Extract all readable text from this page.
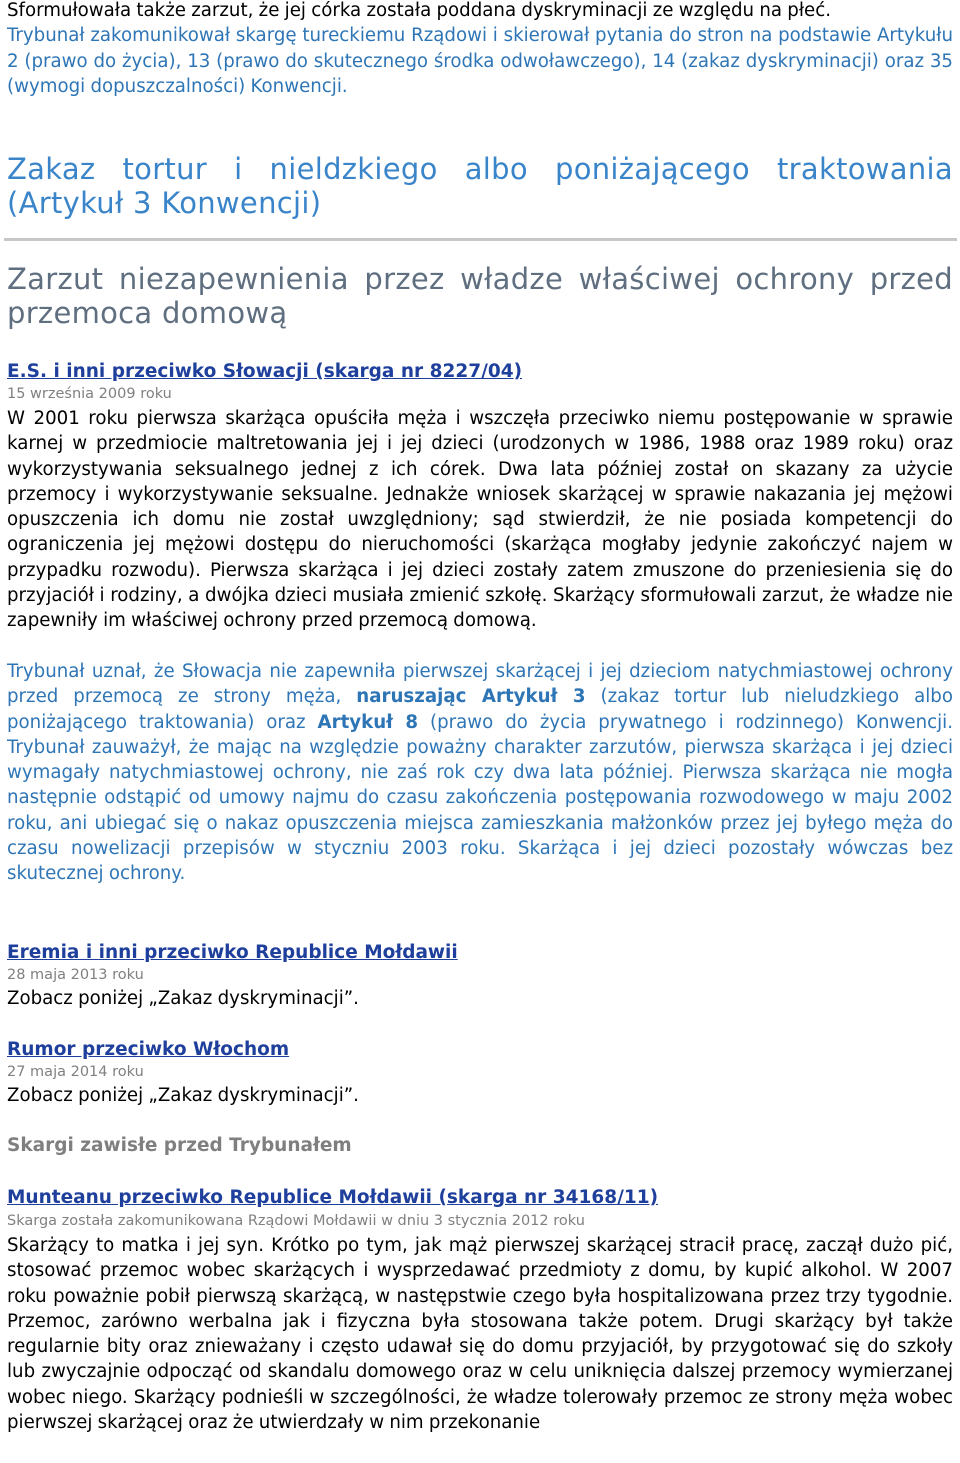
Sformułowała także zarzut, że jej córka została poddana dyskryminacji ze względu na płeć.
Trybunał zakomunikował skargę tureckiemu Rządowi i skierował pytania do stron na podstawie Artykułu 2 (prawo do życia), 13 (prawo do skutecznego środka odwoławczego), 14 (zakaz dyskryminacji) oraz 35 (wymogi dopuszczalności) Konwencji.

Zakaz tortur i nieldzkiego albo poniżającego traktowania (Artykuł 3 Konwencji)
Zarzut niezapewnienia przez władze właściwej ochrony przed przemoca domową
E.S. i inni przeciwko Słowacji (skarga nr 8227/04)
15 września 2009 roku

W 2001 roku pierwsza skarżąca opuściła męża i wszczęła przeciwko niemu postępowanie w sprawie karnej w przedmiocie maltretowania jej i jej dzieci (urodzonych w 1986, 1988 oraz 1989 roku) oraz wykorzystywania seksualnego jednej z ich córek. Dwa lata później został on skazany za użycie przemocy i wykorzystywanie seksualne. Jednakże wniosek skarżącej w sprawie nakazania jej mężowi opuszczenia ich domu nie został uwzględniony; sąd stwierdził, że nie posiada kompetencji do ograniczenia jej mężowi dostępu do nieruchomości (skarżąca mogłaby jedynie zakończyć najem w przypadku rozwodu). Pierwsza skarżąca i jej dzieci zostały zatem zmuszone do przeniesienia się do przyjaciół i rodziny, a dwójka dzieci musiała zmienić szkołę. Skarżący sformułowali zarzut, że władze nie zapewniły im właściwej ochrony przed przemocą domową.

Trybunał uznał, że Słowacja nie zapewniła pierwszej skarżącej i jej dzieciom natychmiastowej ochrony przed przemocą ze strony męża, naruszając Artykuł 3 (zakaz tortur lub nieludzkiego albo poniżającego traktowania) oraz Artykuł 8 (prawo do życia prywatnego i rodzinnego) Konwencji. Trybunał zauważył, że mając na względzie poważny charakter zarzutów, pierwsza skarżąca i jej dzieci wymagały natychmiastowej ochrony, nie zaś rok czy dwa lata później. Pierwsza skarżąca nie mogła następnie odstąpić od umowy najmu do czasu zakończenia postępowania rozwodowego w maju 2002 roku, ani ubiegać się o nakaz opuszczenia miejsca zamieszkania małżonków przez jej byłego męża do czasu nowelizacji przepisów w styczniu 2003 roku. Skarżąca i jej dzieci pozostały wówczas bez skutecznej ochrony.

Eremia i inni przeciwko Republice Mołdawii
28 maja 2013 roku

Zobacz poniżej „Zakaz dyskryminacji”.

Rumor przeciwko Włochom
27 maja 2014 roku

Zobacz poniżej „Zakaz dyskryminacji”.

Skargi zawisłe przed Trybunałem
Munteanu przeciwko Republice Mołdawii (skarga nr 34168/11)
Skarga została zakomunikowana Rządowi Mołdawii w dniu 3 stycznia 2012 roku

Skarżący to matka i jej syn. Krótko po tym, jak mąż pierwszej skarżącej stracił pracę, zaczął dużo pić, stosować przemoc wobec skarżących i wysprzedawać przedmioty z domu, by kupić alkohol. W 2007 roku poważnie pobił pierwszą skarżącą, w następstwie czego była hospitalizowana przez trzy tygodnie. Przemoc, zarówno werbalna jak i fizyczna była stosowana także potem. Drugi skarżący był także regularnie bity oraz znieważany i często udawał się do domu przyjaciół, by przygotować się do szkoły lub zwyczajnie odpocząć od skandalu domowego oraz w celu uniknięcia dalszej przemocy wymierzanej wobec niego. Skarżący podnieśli w szczególności, że władze tolerowały przemoc ze strony męża wobec pierwszej skarżącej oraz że utwierdzały w nim przekonanie
